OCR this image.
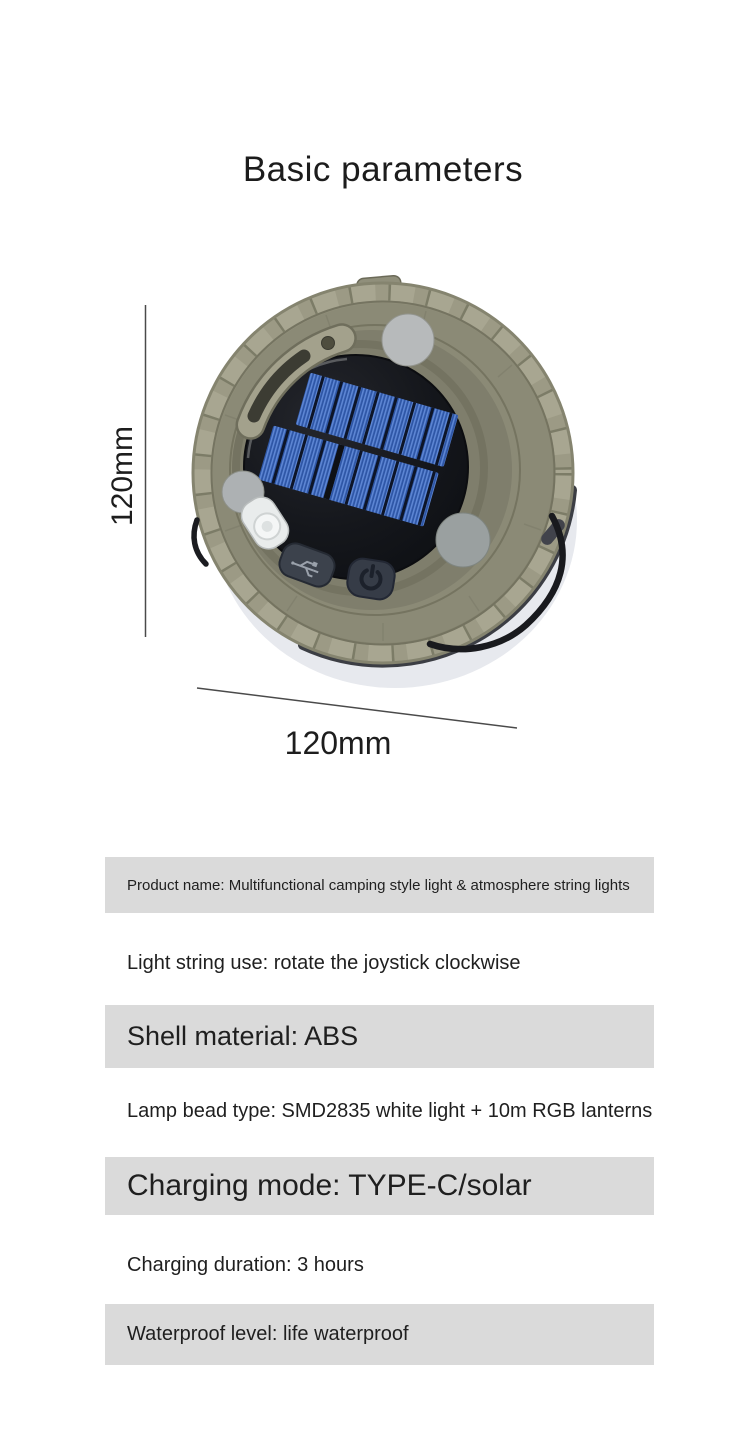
Basic parameters
120mm
120mm
Product name: Multifunctional camping style light & atmosphere string lights
Light string use: rotate the joystick clockwise
Shell material: ABS
Lamp bead type: SMD2835 white light + 10m RGB lanterns
Charging mode: TYPE-C/solar
Charging duration: 3 hours
Waterproof level: life waterproof
